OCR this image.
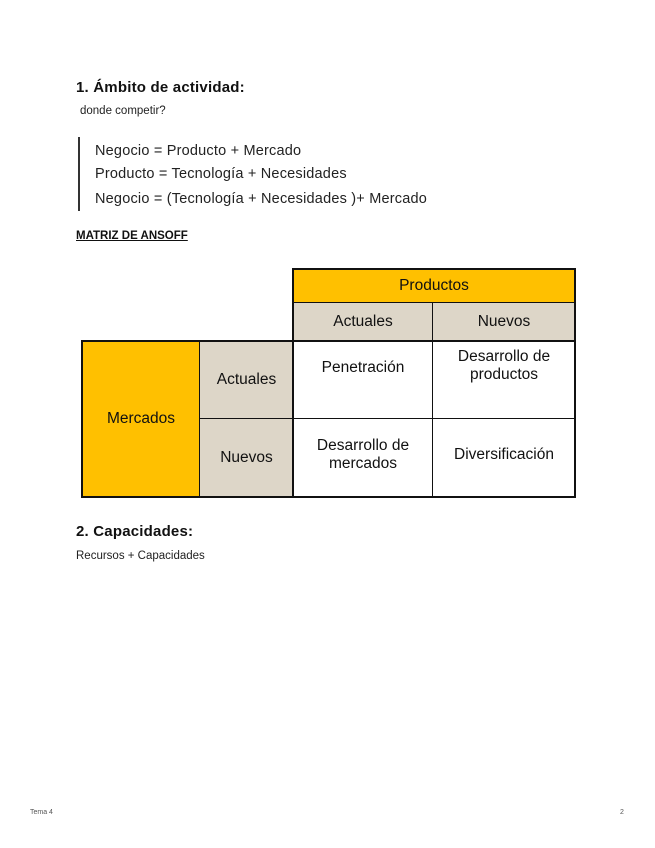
1. Ámbito de actividad:
donde competir?
Negocio = Producto + Mercado
Producto = Tecnología + Necesidades
Negocio = (Tecnología + Necesidades )+ Mercado
MATRIZ DE ANSOFF
Productos
Actuales	Nuevos
Mercados
Actuales
Nuevos
Penetración
Desarrollo de productos
Desarrollo de mercados
Diversificación
2. Capacidades:
Recursos + Capacidades
Tema 4	2
